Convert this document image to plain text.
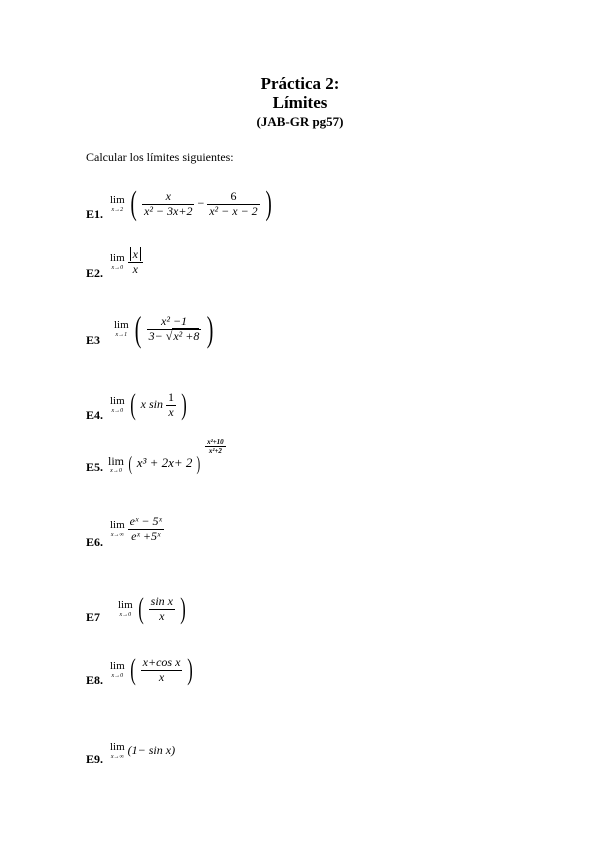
Práctica 2:
Límites
(JAB-GR pg57)
Calcular los límites siguientes:
E1.
lim
x→2 ( $\frac{x}{\text{x² − 3x+2}} - \frac{6}{\text{x² − x − 2}}$ )
E2.
lim
x→0
$\frac{x}{x}$
E3
lim
x→1 ( $\frac{\text{x² −1}}{\text{3− √x² +8}}$ )
E4.
lim
x→0 ( x $\sin \frac{1}{x}$ )
E5. lim
x→0 ( x³ + 2x+ 2 )
$\frac{\text{x²+10}}{\text{x²+2}}$
E6.
lim
x→∞
$\frac{\text{eˣ − 5ˣ}}{\text{eˣ +5ˣ}}$
E7
lim
x→0 ( $\frac{\text{sin x}}{x}$ )
E8.
lim
x→0 ( $\frac{\text{x+cos x}}{x}$ )
E9.
lim
x→∞
(1− sin x)
